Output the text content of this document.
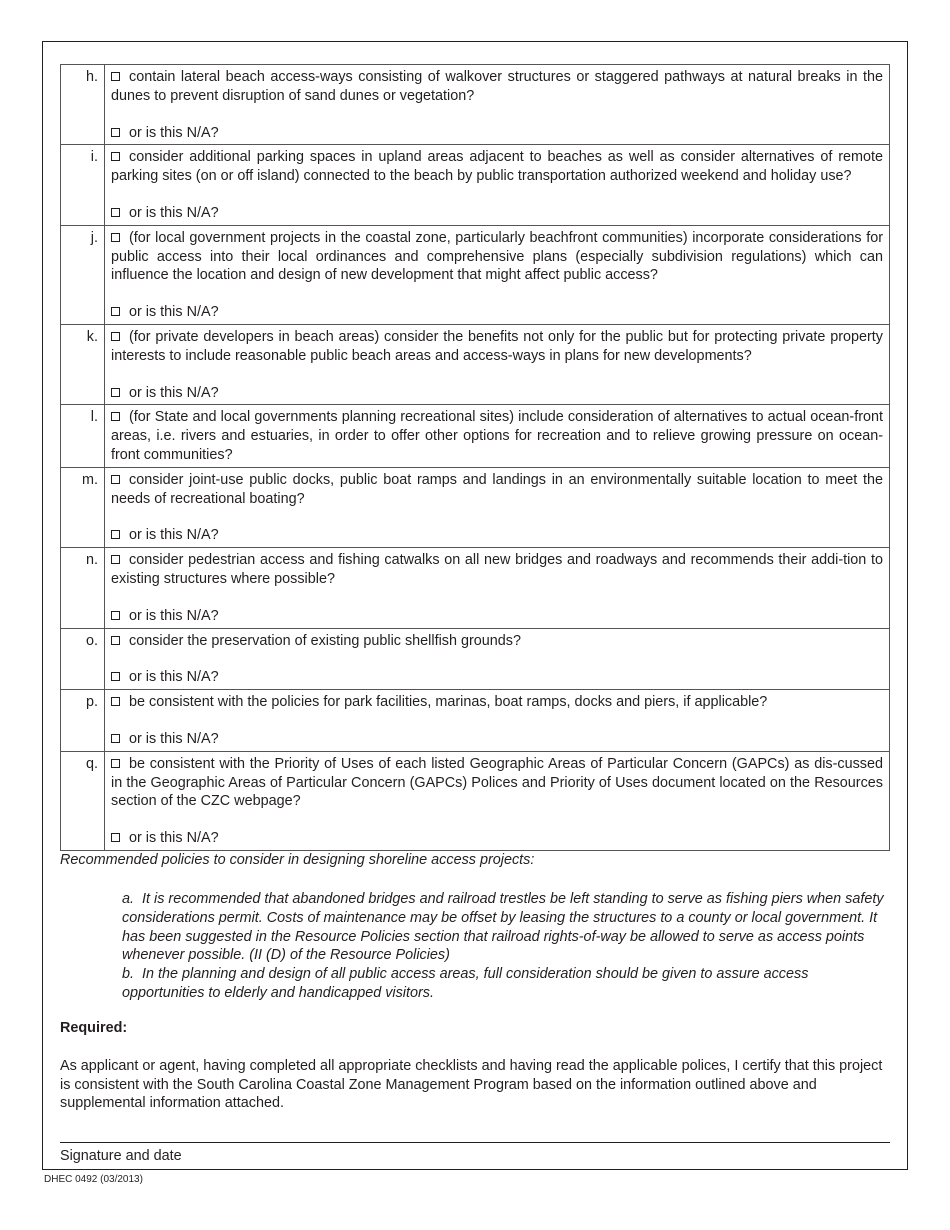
h.	contain lateral beach access-ways consisting of walkover structures or staggered pathways at natural breaks in the dunes to prevent disruption of sand dunes or vegetation?
or is this N/A?

i.	consider additional parking spaces in upland areas adjacent to beaches as well as consider alternatives of remote parking sites (on or off island) connected to the beach by public transportation authorized weekend and holiday use?
or is this N/A?

j.	(for local government projects in the coastal zone, particularly beachfront communities) incorporate considerations for public access into their local ordinances and comprehensive plans (especially subdivision regulations) which can influence the location and design of new development that might affect public access?
or is this N/A?

k.	(for private developers in beach areas) consider the benefits not only for the public but for protecting private property interests to include reasonable public beach areas and access-ways in plans for new developments?
or is this N/A?

l.	(for State and local governments planning recreational sites) include consideration of alternatives to actual ocean-front areas, i.e. rivers and estuaries, in order to offer other options for recreation and to relieve growing pressure on ocean-front communities?

m.	consider joint-use public docks, public boat ramps and landings in an environmentally suitable location to meet the needs of recreational boating?
or is this N/A?

n.	consider pedestrian access and fishing catwalks on all new bridges and roadways and recommends their addi-tion to existing structures where possible?
or is this N/A?

o.	consider the preservation of existing public shellfish grounds?
or is this N/A?

p.	be consistent with the policies for park facilities, marinas, boat ramps, docks and piers, if applicable?
or is this N/A?

q.	be consistent with the Priority of Uses of each listed Geographic Areas of Particular Concern (GAPCs) as dis-cussed in the Geographic Areas of Particular Concern (GAPCs) Polices and Priority of Uses document located on the Resources section of the CZC webpage?
or is this N/A?
Recommended policies to consider in designing shoreline access projects:

a. It is recommended that abandoned bridges and railroad trestles be left standing to serve as fishing piers when safety considerations permit. Costs of maintenance may be offset by leasing the structures to a county or local government. It has been suggested in the Resource Policies section that railroad rights-of-way be allowed to serve as access points whenever possible. (II (D) of the Resource Policies)

b. In the planning and design of all public access areas, full consideration should be given to assure access opportunities to elderly and handicapped visitors.

Required:
As applicant or agent, having completed all appropriate checklists and having read the applicable polices, I certify that this project is consistent with the South Carolina Coastal Zone Management Program based on the information outlined above and supplemental information attached.
Signature and date
DHEC 0492 (03/2013)
